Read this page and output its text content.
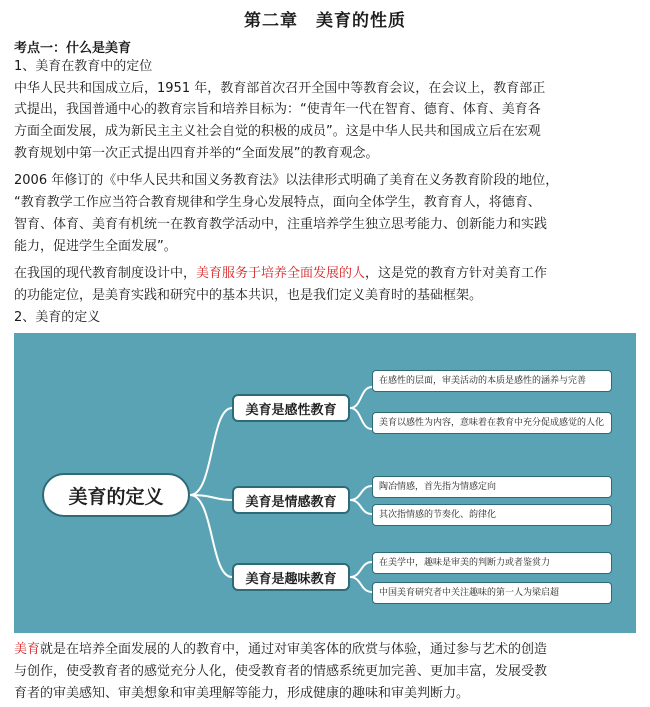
第二章　美育的性质
考点一：什么是美育
1、美育在教育中的定位
中华人民共和国成立后，1951 年，教育部首次召开全国中等教育会议，在会议上，教育部正
式提出，我国普通中心的教育宗旨和培养目标为：“使青年一代在智育、德育、体育、美育各
方面全面发展，成为新民主主义社会自觉的积极的成员”。这是中华人民共和国成立后在宏观
教育规划中第一次正式提出四育并举的“全面发展”的教育观念。
2006 年修订的《中华人民共和国义务教育法》以法律形式明确了美育在义务教育阶段的地位，
“教育教学工作应当符合教育规律和学生身心发展特点，面向全体学生，教育育人，将德育、
智育、体育、美育有机统一在教育教学活动中，注重培养学生独立思考能力、创新能力和实践
能力，促进学生全面发展”。
在我国的现代教育制度设计中，美育服务于培养全面发展的人，这是党的教育方针对美育工作
的功能定位，是美育实践和研究中的基本共识，也是我们定义美育时的基础框架。
2、美育的定义
美育的定义
美育是感性教育
美育是情感教育
美育是趣味教育
在感性的层面，审美活动的本质是感性的涵养与完善
美育以感性为内容，意味着在教育中充分促成感觉的人化
陶冶情感，首先指为情感定向
其次指情感的节奏化、韵律化
在美学中，趣味是审美的判断力或者鉴赏力
中国美育研究者中关注趣味的第一人为梁启超
美育就是在培养全面发展的人的教育中，通过对审美客体的欣赏与体验，通过参与艺术的创造
与创作，使受教育者的感觉充分人化，使受教育者的情感系统更加完善、更加丰富，发展受教
育者的审美感知、审美想象和审美理解等能力，形成健康的趣味和审美判断力。
